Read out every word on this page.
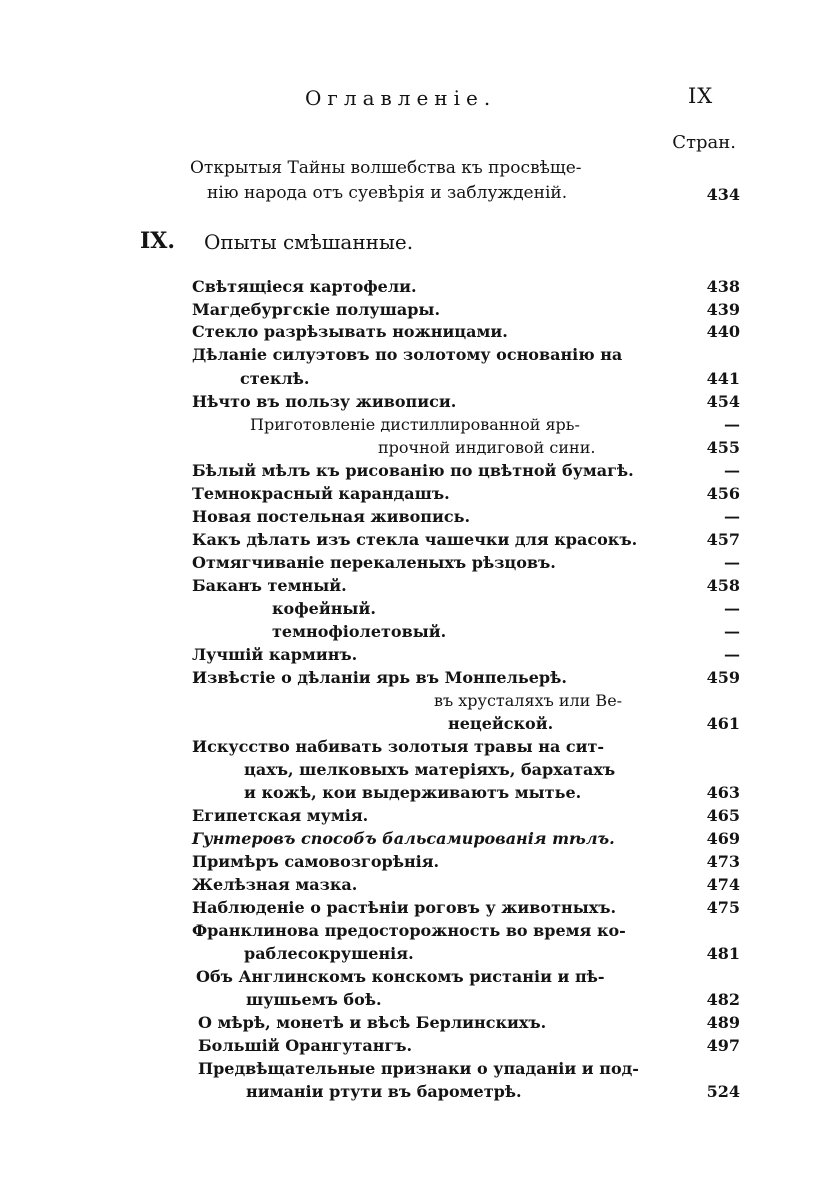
Оглавленіе.	IX
Стран.
Открытыя Тайны волшебства къ просвѣще-
нію народа отъ суевѣрія и заблужденій.	434
IX. Опыты смѣшанные.
Свѣтящіеся картофели.	438
Магдебургскіе полушары.	439
Стекло разрѣзывать ножницами.	440
Дѣланіе силуэтовъ по золотому основанію на
стеклѣ.	441
Нѣчто въ пользу живописи.	454
Приготовленіе дистиллированной ярь-	—
прочной индиговой сини.	455
Бѣлый мѣлъ къ рисованію по цвѣтной бумагѣ.	—
Темнокрасный карандашъ.	456
Новая постельная живопись.	—
Какъ дѣлать изъ стекла чашечки для красокъ.	457
Отмягчиваніе перекаленыхъ рѣзцовъ.	—
Баканъ темный.	458
кофейный.	—
темнофіолетовый.	—
Лучшій карминъ.	—
Извѣстіе о дѣланіи ярь въ Монпельерѣ.	459
въ хрусталяхъ или Ве-
нецейской.	461
Искусство набивать золотыя травы на сит-
цахъ, шелковыхъ матеріяхъ, бархатахъ
и кожѣ, кои выдерживаютъ мытье.	463
Египетская мумія.	465
Гунтеровъ способъ бальсамированія тѣлъ.	469
Примѣръ самовозгорѣнія.	473
Желѣзная мазка.	474
Наблюденіе о растѣніи роговъ у животныхъ.	475
Франклинова предосторожность во время ко-
раблесокрушенія.	481
Объ Англинскомъ конскомъ ристаніи и пѣ-
шушьемъ боѣ.	482
О мѣрѣ, монетѣ и вѣсѣ Берлинскихъ.	489
Большій Орангутангъ.	497
Предвѣщательные признаки о упаданіи и под-
ниманіи ртути въ барометрѣ.	524
